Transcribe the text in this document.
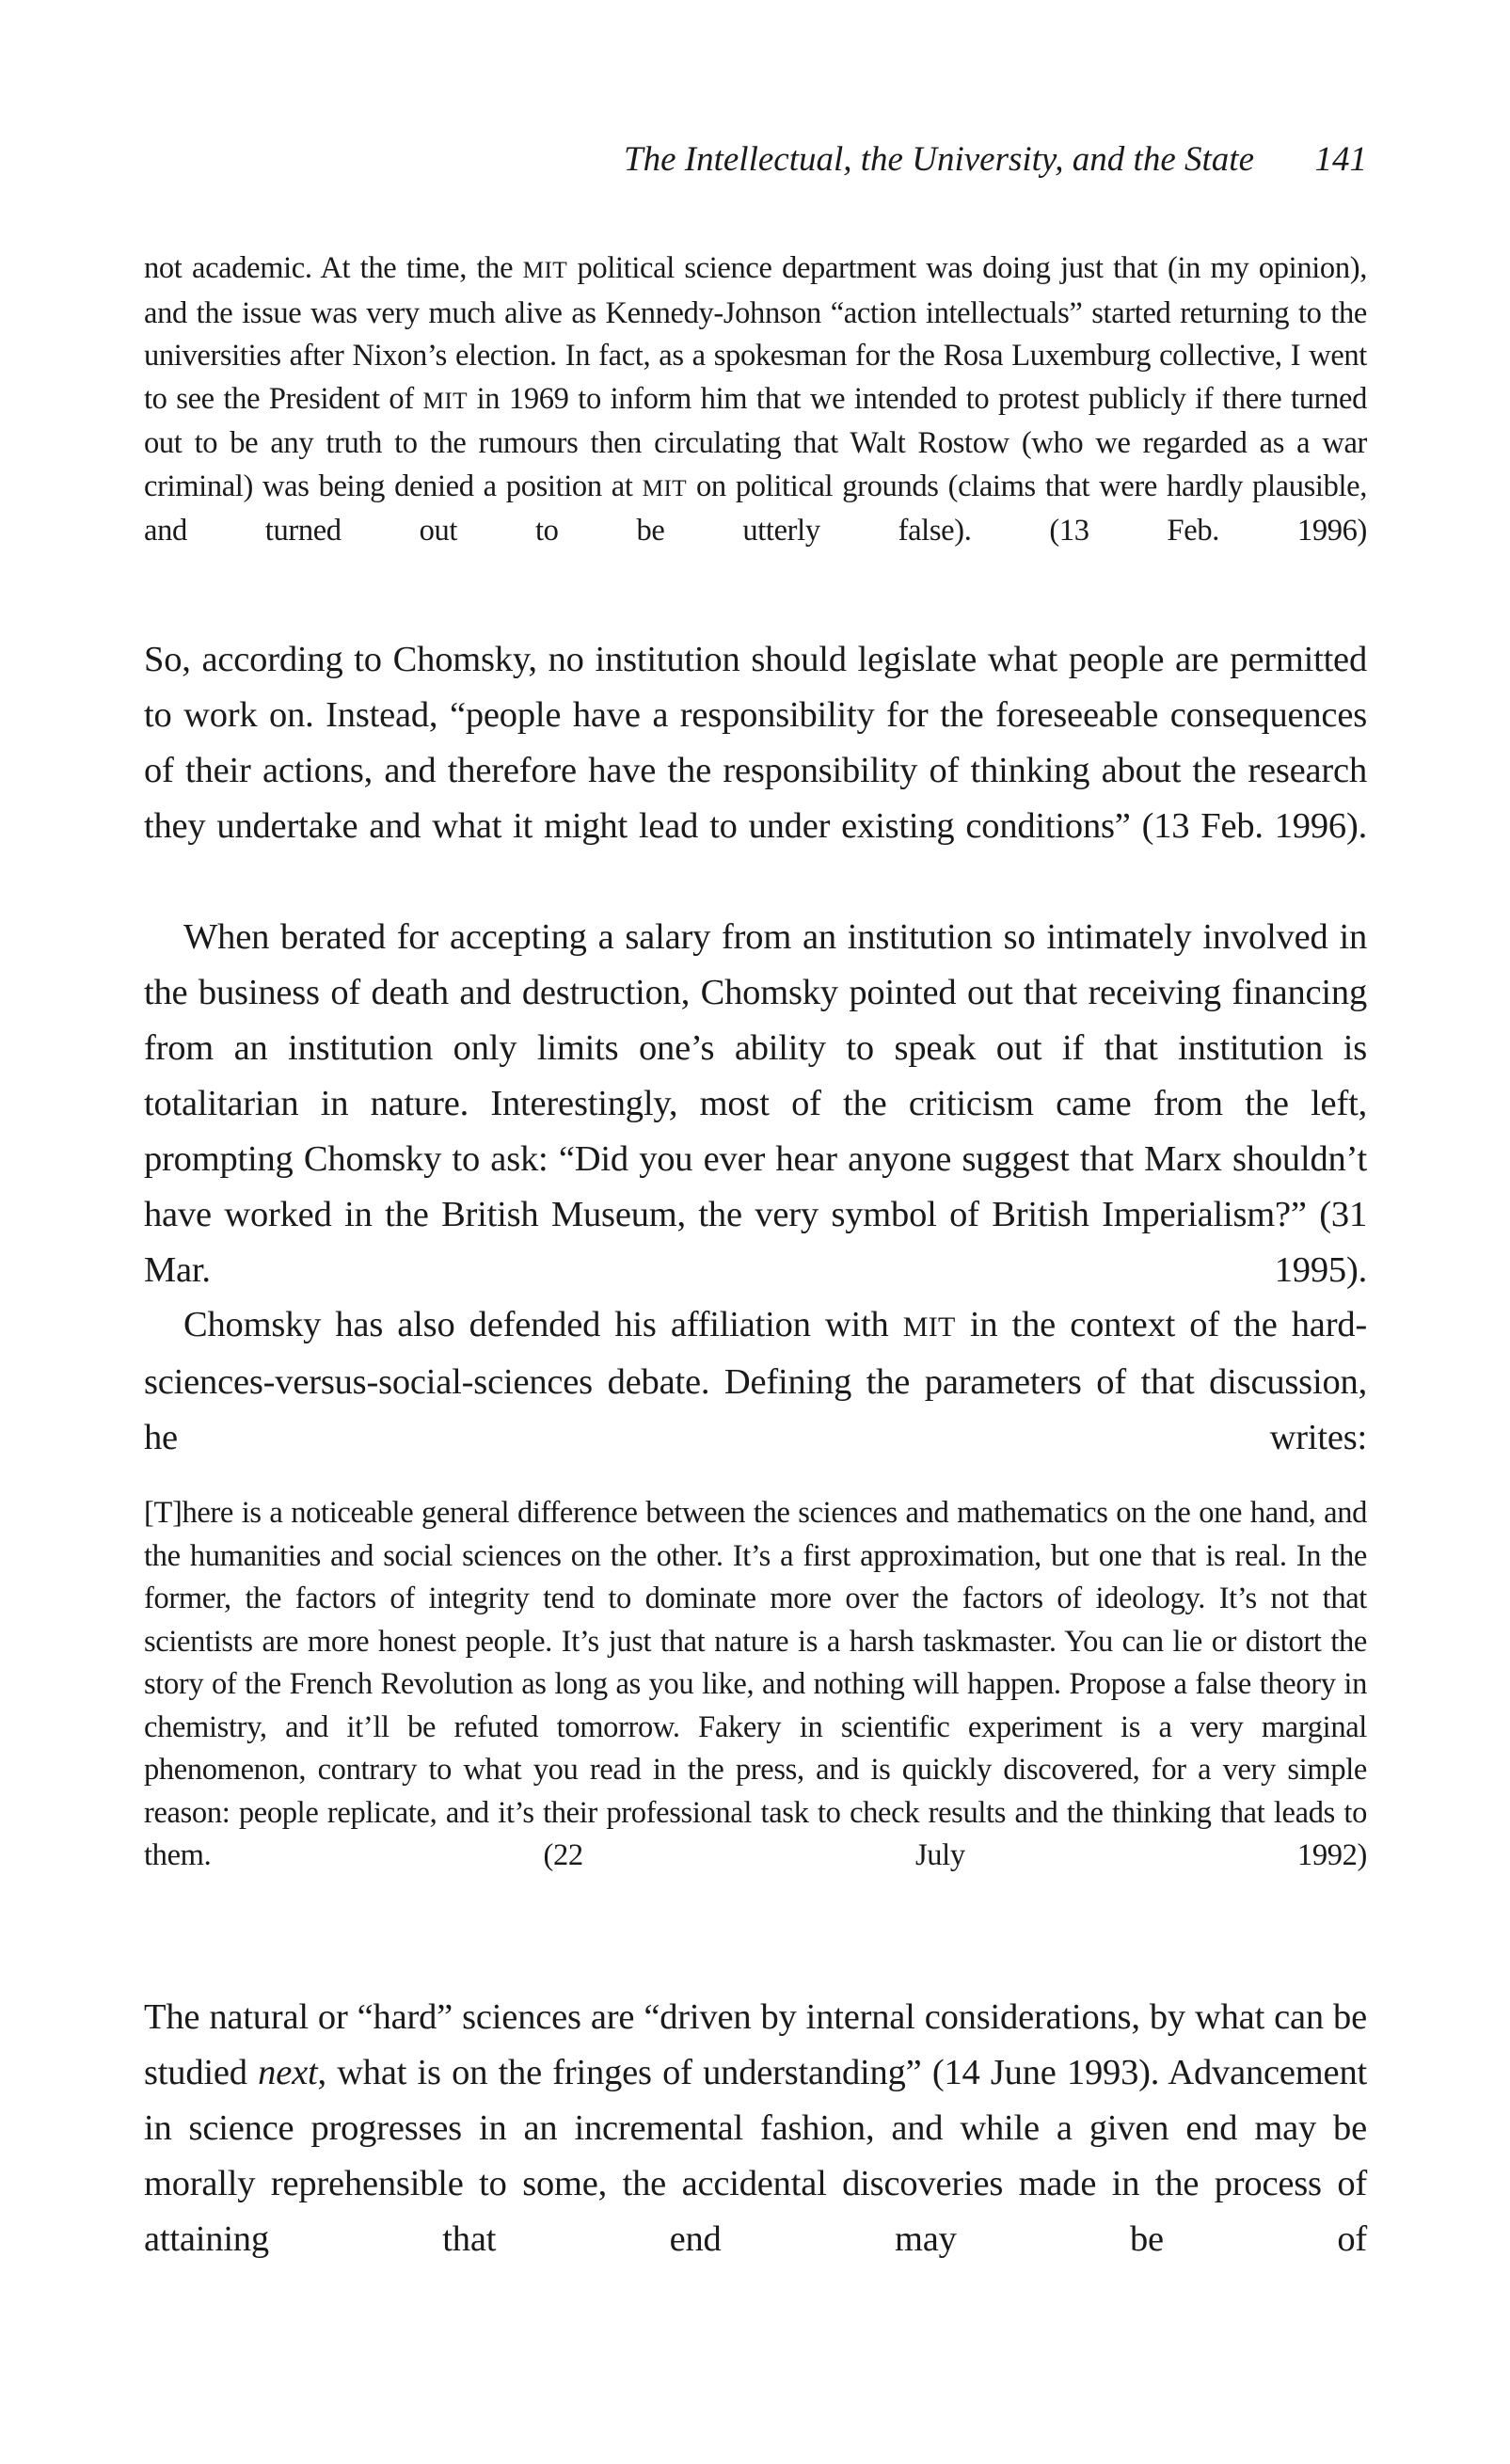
The Intellectual, the University, and the State 141

not academic. At the time, the MIT political science department was doing just that (in my opinion), and the issue was very much alive as Kennedy-Johnson “action intellectuals” started returning to the universities after Nixon’s election. In fact, as a spokesman for the Rosa Luxemburg collective, I went to see the President of MIT in 1969 to inform him that we intended to protest publicly if there turned out to be any truth to the rumours then circulating that Walt Rostow (who we regarded as a war criminal) was being denied a position at MIT on political grounds (claims that were hardly plausible, and turned out to be utterly false). (13 Feb. 1996)

So, according to Chomsky, no institution should legislate what people are permitted to work on. Instead, “people have a responsibility for the foreseeable consequences of their actions, and therefore have the responsibility of thinking about the research they undertake and what it might lead to under existing conditions” (13 Feb. 1996).

When berated for accepting a salary from an institution so intimately involved in the business of death and destruction, Chomsky pointed out that receiving financing from an institution only limits one’s ability to speak out if that institution is totalitarian in nature. Interestingly, most of the criticism came from the left, prompting Chomsky to ask: “Did you ever hear anyone suggest that Marx shouldn’t have worked in the British Museum, the very symbol of British Imperialism?” (31 Mar. 1995).

Chomsky has also defended his affiliation with MIT in the context of the hard-sciences-versus-social-sciences debate. Defining the parameters of that discussion, he writes:

[T]here is a noticeable general difference between the sciences and mathematics on the one hand, and the humanities and social sciences on the other. It’s a first approximation, but one that is real. In the former, the factors of integrity tend to dominate more over the factors of ideology. It’s not that scientists are more honest people. It’s just that nature is a harsh taskmaster. You can lie or distort the story of the French Revolution as long as you like, and nothing will happen. Propose a false theory in chemistry, and it’ll be refuted tomorrow. Fakery in scientific experiment is a very marginal phenomenon, contrary to what you read in the press, and is quickly discovered, for a very simple reason: people replicate, and it’s their professional task to check results and the thinking that leads to them. (22 July 1992)

The natural or “hard” sciences are “driven by internal considerations, by what can be studied next, what is on the fringes of understanding” (14 June 1993). Advancement in science progresses in an incremental fashion, and while a given end may be morally reprehensible to some, the accidental discoveries made in the process of attaining that end may be of
